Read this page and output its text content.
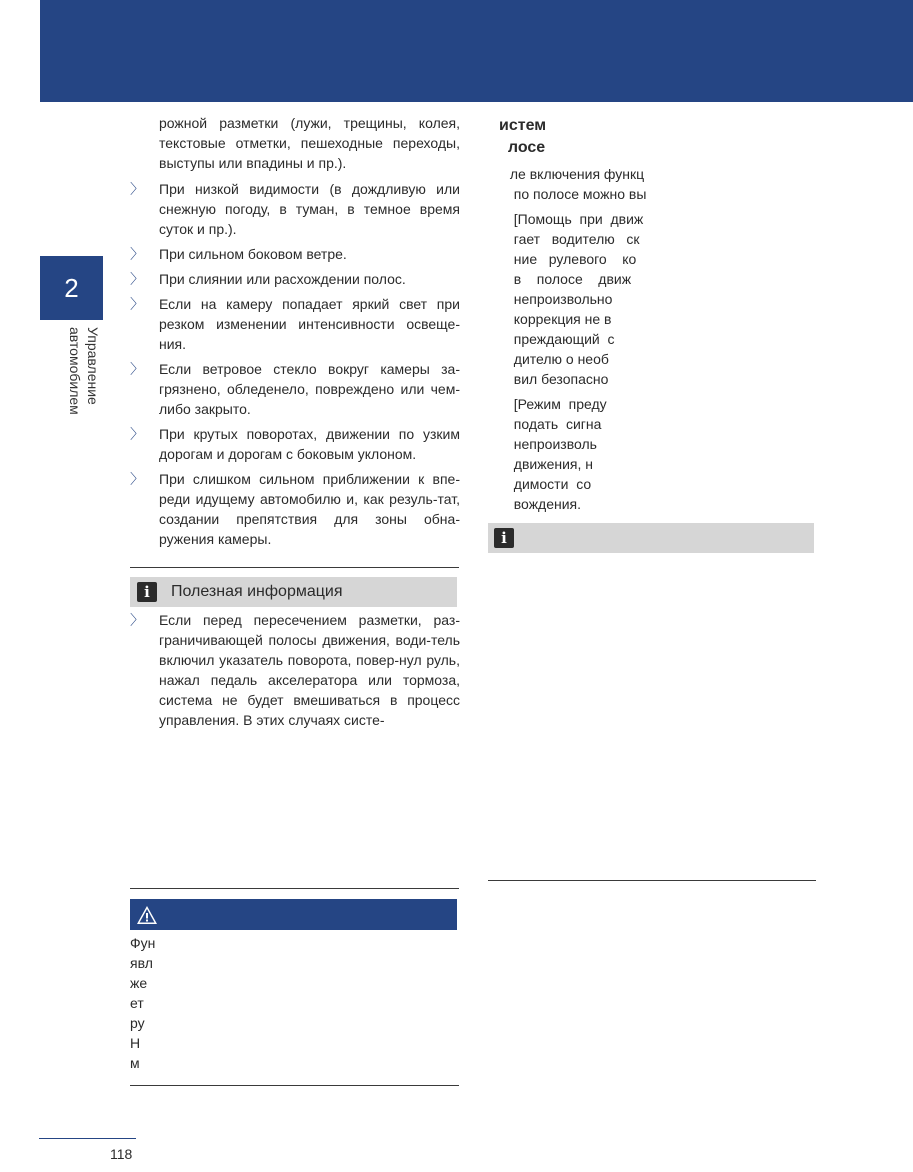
2
Управление
автомобилем

рожной разметки (лужи, трещины, колея, текстовые отметки, пешеходные переходы, выступы или впадины и пр.).

〉 При низкой видимости (в дождливую или снежную погоду, в туман, в темное время суток и пр.).
〉 При сильном боковом ветре.
〉 При слиянии или расхождении полос.
〉 Если на камеру попадает яркий свет при резком изменении интенсивности освеще-ния.
〉 Если ветровое стекло вокруг камеры за-грязнено, обледенело, повреждено или чем-либо закрыто.
〉 При крутых поворотах, движении по узким дорогам и дорогам с боковым уклоном.
〉 При слишком сильном приближении к впе-реди идущему автомобилю и, как резуль-тат, создании препятствия для зоны обна-ружения камеры.
i	Полезная информация
〉 Если перед пересечением разметки, раз-граничивающей полосы движения, води-тель включил указатель поворота, повер-нул руль, нажал педаль акселератора или тормоза, система не будет вмешиваться в процесс управления. В этих случаях систе-
Фун
явл
же
ет
ру
Н
м
истем
лосе
ле включения функц
по полосе можно вы
[Помощь  при  движ
гает   водителю   ск
ние   рулевого    ко
в    полосе    движ
непроизвольно
коррекция не в
преждающий  с
дителю о необ
вил безопасно
[Режим  преду
подать  сигна
непроизволь
движения, н
димости  со
вождения.
i
118
